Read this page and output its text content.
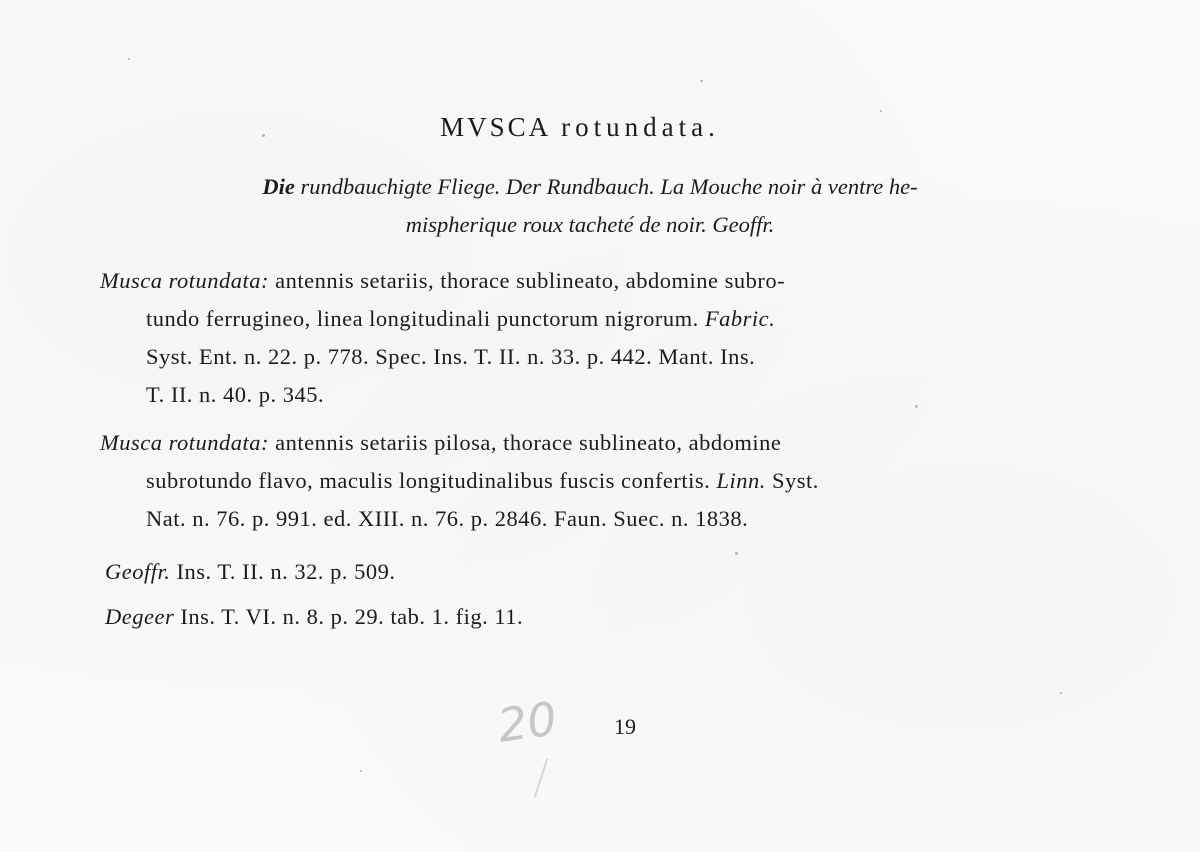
MVSCA rotundata.
Die rundbauchigte Fliege. Der Rundbauch. La Mouche noir à ventre he-
mispherique roux tacheté de noir. Geoffr.
Musca rotundata: antennis setariis, thorace sublineato, abdomine subro-
tundo ferrugineo, linea longitudinali punctorum nigrorum. Fabric.
Syst. Ent. n. 22. p. 778. Spec. Ins. T. II. n. 33. p. 442. Mant. Ins.
T. II. n. 40. p. 345.
Musca rotundata: antennis setariis pilosa, thorace sublineato, abdomine
subrotundo flavo, maculis longitudinalibus fuscis confertis. Linn. Syst.
Nat. n. 76. p. 991. ed. XIII. n. 76. p. 2846. Faun. Suec. n. 1838.
Geoffr. Ins. T. II. n. 32. p. 509.
Degeer Ins. T. VI. n. 8. p. 29. tab. 1. fig. 11.
20 19
